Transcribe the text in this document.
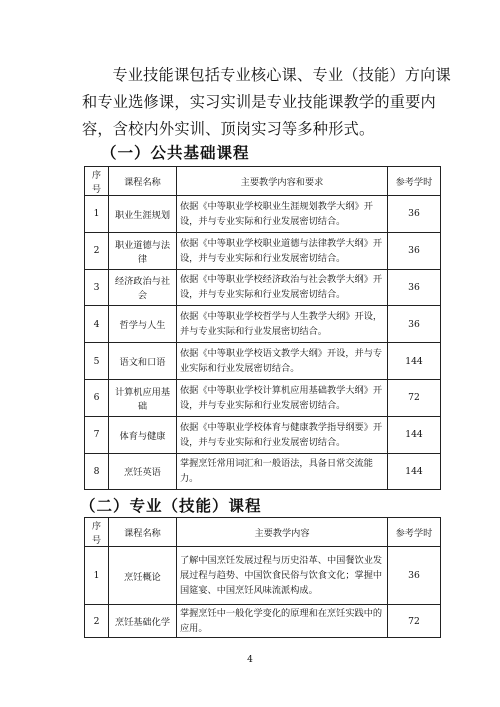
专业技能课包括专业核心课、专业（技能）方向课和专业选修课，实习实训是专业技能课教学的重要内容，含校内外实训、顶岗实习等多种形式。
（一）公共基础课程
序号	课程名称	主要教学内容和要求	参考学时
1	职业生涯规划	依据《中等职业学校职业生涯规划教学大纲》开设，并与专业实际和行业发展密切结合。	36
2	职业道德与法律	依据《中等职业学校职业道德与法律教学大纲》开设，并与专业实际和行业发展密切结合。	36
3	经济政治与社会	依据《中等职业学校经济政治与社会教学大纲》开设，并与专业实际和行业发展密切结合。	36
4	哲学与人生	依据《中等职业学校哲学与人生教学大纲》开设，并与专业实际和行业发展密切结合。	36
5	语文和口语	依据《中等职业学校语文教学大纲》开设，并与专业实际和行业发展密切结合。	144
6	计算机应用基础	依据《中等职业学校计算机应用基础教学大纲》开设，并与专业实际和行业发展密切结合。	72
7	体育与健康	依据《中等职业学校体育与健康教学指导纲要》开设，并与专业实际和行业发展密切结合。	144
8	烹饪英语	掌握烹饪常用词汇和一般语法，具备日常交流能力。	144
（二）专业（技能）课程
序号	课程名称	主要教学内容	参考学时
1	烹饪概论	了解中国烹饪发展过程与历史沿革、中国餐饮业发展过程与趋势、中国饮食民俗与饮食文化；掌握中国筵宴、中国烹饪风味流派构成。	36
2	烹饪基础化学	掌握烹饪中一般化学变化的原理和在烹饪实践中的应用。	72
4
